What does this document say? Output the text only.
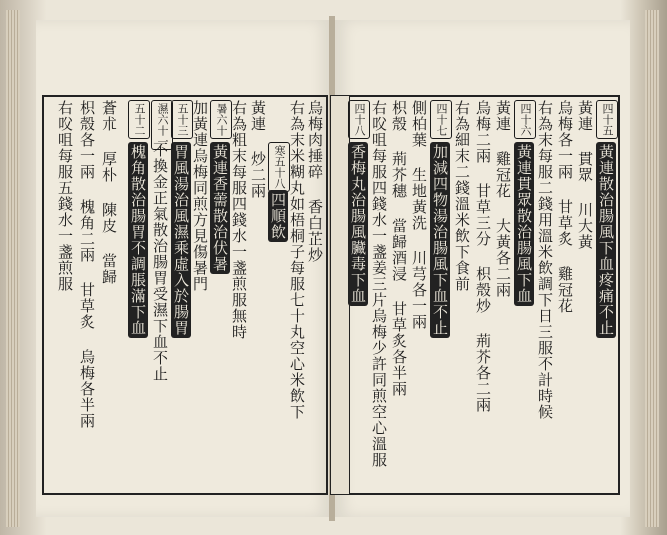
烏梅肉捶碎 香白芷炒
右為末米糊丸如梧桐子每服七十丸空心米飲下
寒五十八
四順飲
黃連 炒二兩
右為粗末每服四錢水一盞煎服無時
暑六十
黃連香薷散治伏暑
加黃連烏梅同煎方見傷暑門
五十三
胃風湯治風濕乘虛入於腸胃
濕六十一
不換金正氣散治腸胃受濕下血不止
五十二
槐角散治腸胃不調脹滿下血
蒼朮 厚朴 陳皮 當歸
枳殼各一兩 槐角二兩 甘草炙 烏梅各半兩
右㕮咀每服五錢水一盞煎服	四十五
黃連散治腸風下血疼痛不止
黃連 貫眾 川大黃
烏梅各一兩 甘草炙 雞冠花
右為末每服二錢用溫米飲調下日三服不計時候
四十六
黃連貫眾散治腸風下血
黃連 雞冠花 大黃各二兩
烏梅二兩 甘草三分 枳殼炒 荊芥各二兩
右為細末二錢溫米飲下食前
四十七
加減四物湯治腸風下血不止
側柏葉 生地黃洗 川芎各一兩
枳殼 荊芥穗 當歸酒浸 甘草炙各半兩
右㕮咀每服四錢水一盞姜三片烏梅少許同煎空心溫服
四十八
香梅丸治腸風臟毒下血
